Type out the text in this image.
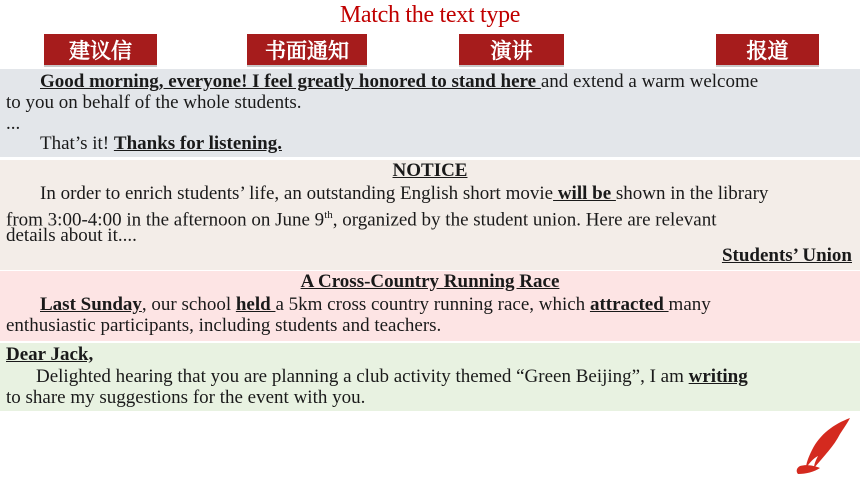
Match the text type
建议信	书面通知	演讲	报道
Good morning, everyone! I feel greatly honored to stand here and extend a warm welcome
to you on behalf of the whole students.
...
That’s it! Thanks for listening.
NOTICE
In order to enrich students’ life, an outstanding English short movie will be shown in the library
from 3:00-4:00 in the afternoon on June 9th, organized by the student union. Here are relevant
details about it....
Students’ Union
A Cross-Country Running Race
Last Sunday, our school held a 5km cross country running race, which attracted many
enthusiastic participants, including students and teachers.
Dear Jack,
Delighted hearing that you are planning a club activity themed “Green Beijing”, I am writing
to share my suggestions for the event with you.
